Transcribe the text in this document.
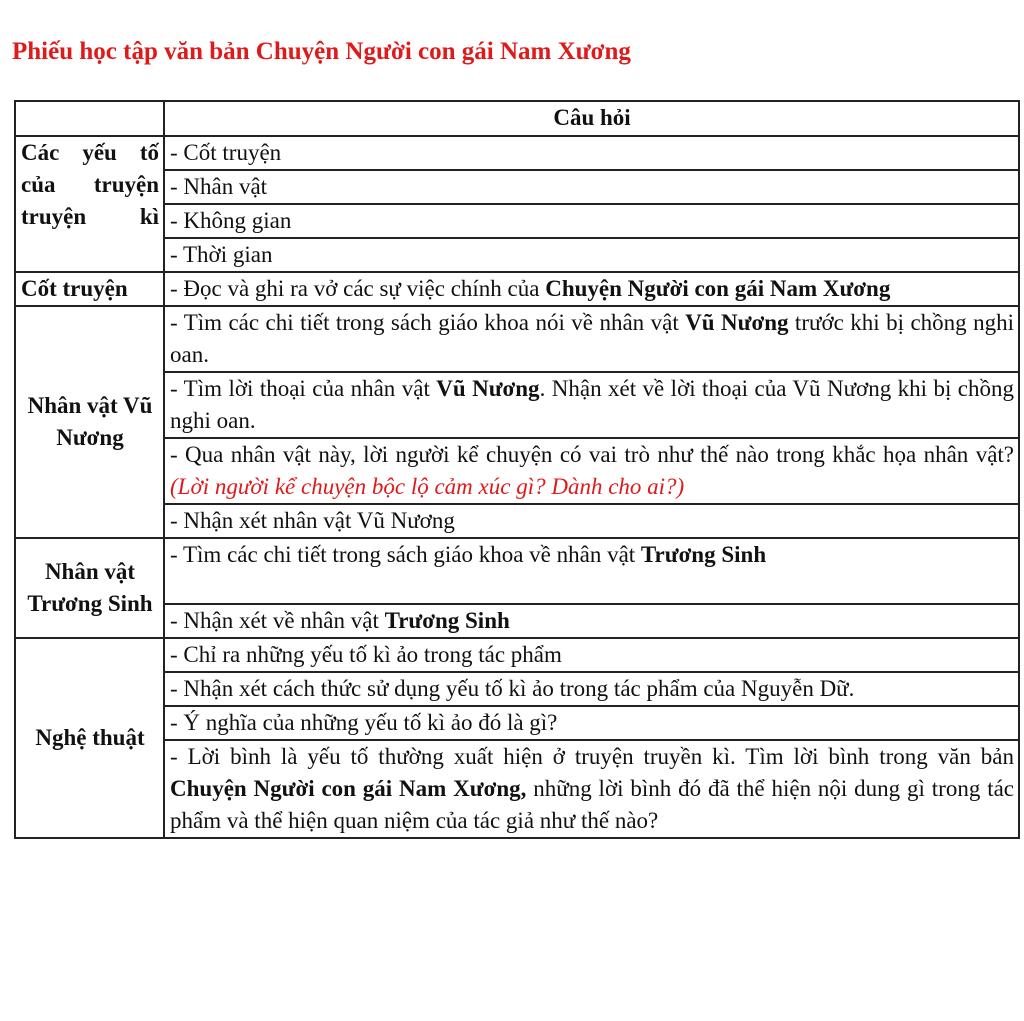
Phiếu học tập văn bản Chuyện Người con gái Nam Xương
	Câu hỏi
Các yếu tố của truyện truyện kì	- Cốt truyện
	- Nhân vật
	- Không gian
	- Thời gian
Cốt truyện	- Đọc và ghi ra vở các sự việc chính của Chuyện Người con gái Nam Xương
Nhân vật Vũ Nương	- Tìm các chi tiết trong sách giáo khoa nói về nhân vật Vũ Nương trước khi bị chồng nghi oan.
	- Tìm lời thoại của nhân vật Vũ Nương. Nhận xét về lời thoại của Vũ Nương khi bị chồng nghi oan.
	- Qua nhân vật này, lời người kể chuyện có vai trò như thế nào trong khắc họa nhân vật? (Lời người kể chuyện bộc lộ cảm xúc gì? Dành cho ai?)
	- Nhận xét nhân vật Vũ Nương
Nhân vật Trương Sinh	- Tìm các chi tiết trong sách giáo khoa về nhân vật Trương Sinh
	- Nhận xét về nhân vật Trương Sinh
Nghệ thuật	- Chỉ ra những yếu tố kì ảo trong tác phẩm
	- Nhận xét cách thức sử dụng yếu tố kì ảo trong tác phẩm của Nguyễn Dữ.
	- Ý nghĩa của những yếu tố kì ảo đó là gì?
	- Lời bình là yếu tố thường xuất hiện ở truyện truyền kì. Tìm lời bình trong văn bản Chuyện Người con gái Nam Xương, những lời bình đó đã thể hiện nội dung gì trong tác phẩm và thể hiện quan niệm của tác giả như thế nào?
